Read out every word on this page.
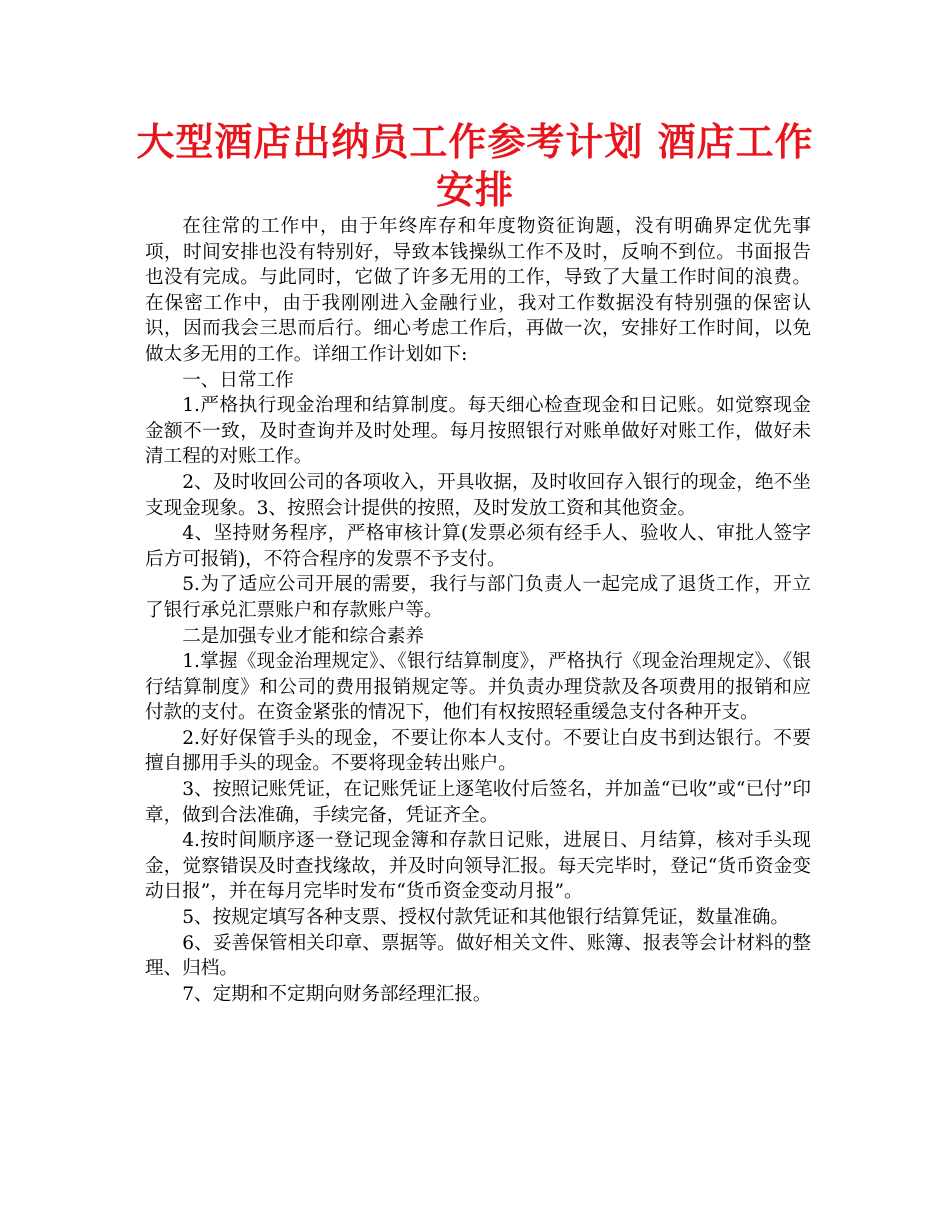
大型酒店出纳员工作参考计划 酒店工作安排

在往常的工作中，由于年终库存和年度物资征询题，没有明确界定优先事项，时间安排也没有特别好，导致本钱操纵工作不及时，反响不到位。书面报告也没有完成。与此同时，它做了许多无用的工作，导致了大量工作时间的浪费。在保密工作中，由于我刚刚进入金融行业，我对工作数据没有特别强的保密认识，因而我会三思而后行。细心考虑工作后，再做一次，安排好工作时间，以免做太多无用的工作。详细工作计划如下:

一、日常工作

1.严格执行现金治理和结算制度。每天细心检查现金和日记账。如觉察现金金额不一致，及时查询并及时处理。每月按照银行对账单做好对账工作，做好未清工程的对账工作。

2、及时收回公司的各项收入，开具收据，及时收回存入银行的现金，绝不坐支现金现象。3、按照会计提供的按照，及时发放工资和其他资金。

4、坚持财务程序，严格审核计算(发票必须有经手人、验收人、审批人签字后方可报销)，不符合程序的发票不予支付。

5.为了适应公司开展的需要，我行与部门负责人一起完成了退货工作，开立了银行承兑汇票账户和存款账户等。

二是加强专业才能和综合素养

1.掌握《现金治理规定》、《银行结算制度》，严格执行《现金治理规定》、《银行结算制度》和公司的费用报销规定等。并负责办理贷款及各项费用的报销和应付款的支付。在资金紧张的情况下，他们有权按照轻重缓急支付各种开支。

2.好好保管手头的现金，不要让你本人支付。不要让白皮书到达银行。不要擅自挪用手头的现金。不要将现金转出账户。

3、按照记账凭证，在记账凭证上逐笔收付后签名，并加盖“已收”或“已付”印章，做到合法准确，手续完备，凭证齐全。

4.按时间顺序逐一登记现金簿和存款日记账，进展日、月结算，核对手头现金，觉察错误及时查找缘故，并及时向领导汇报。每天完毕时，登记“货币资金变动日报”，并在每月完毕时发布“货币资金变动月报”。

5、按规定填写各种支票、授权付款凭证和其他银行结算凭证，数量准确。

6、妥善保管相关印章、票据等。做好相关文件、账簿、报表等会计材料的整理、归档。

7、定期和不定期向财务部经理汇报。
